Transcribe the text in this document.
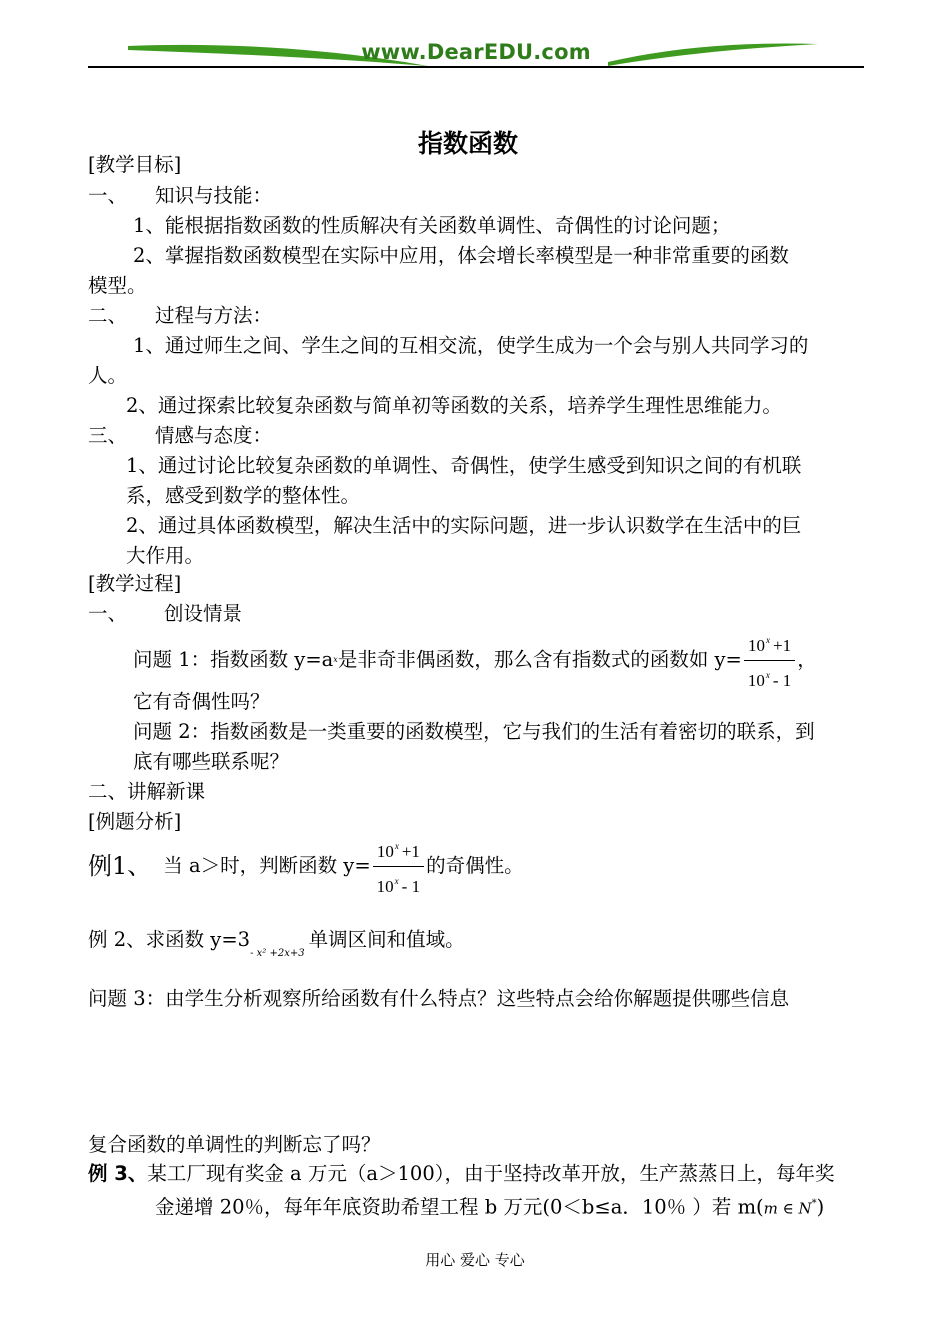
www.DearEDU.com
指数函数
[教学目标]
一、 知识与技能：
1、能根据指数函数的性质解决有关函数单调性、奇偶性的讨论问题；
2、掌握指数函数模型在实际中应用，体会增长率模型是一种非常重要的函数
模型。
二、 过程与方法：
1、通过师生之间、学生之间的互相交流，使学生成为一个会与别人共同学习的
人。
2、通过探索比较复杂函数与简单初等函数的关系，培养学生理性思维能力。
三、 情感与态度：
1、通过讨论比较复杂函数的单调性、奇偶性，使学生感受到知识之间的有机联
系，感受到数学的整体性。
2、通过具体函数模型，解决生活中的实际问题，进一步认识数学在生活中的巨
大作用。
[教学过程]
一、 创设情景
问题 1：指数函数 y=a x 是非奇非偶函数，那么含有指数式的函数如 $y= \frac{10^x +1}{10^x - 1}$ ，
它有奇偶性吗？
问题 2：指数函数是一类重要的函数模型，它与我们的生活有着密切的联系，到
底有哪些联系呢？
二、讲解新课
[例题分析]
例1、 当 a＞时，判断函数 $y= \frac{10^x +1}{10^x - 1}$ 的奇偶性。
例 2、求函数 $y=3_{- x^2 +2x+3}$单调区间和值域。
问题 3：由学生分析观察所给函数有什么特点？这些特点会给你解题提供哪些信息
复合函数的单调性的判断忘了吗？
例 3、某工厂现有奖金 a 万元（a＞100），由于坚持改革开放，生产蒸蒸日上，每年奖
金递增 20％，每年年底资助希望工程 b 万元(0＜b≤a．10％ ）若 m(m ∈ N*)
用心 爱心 专心
